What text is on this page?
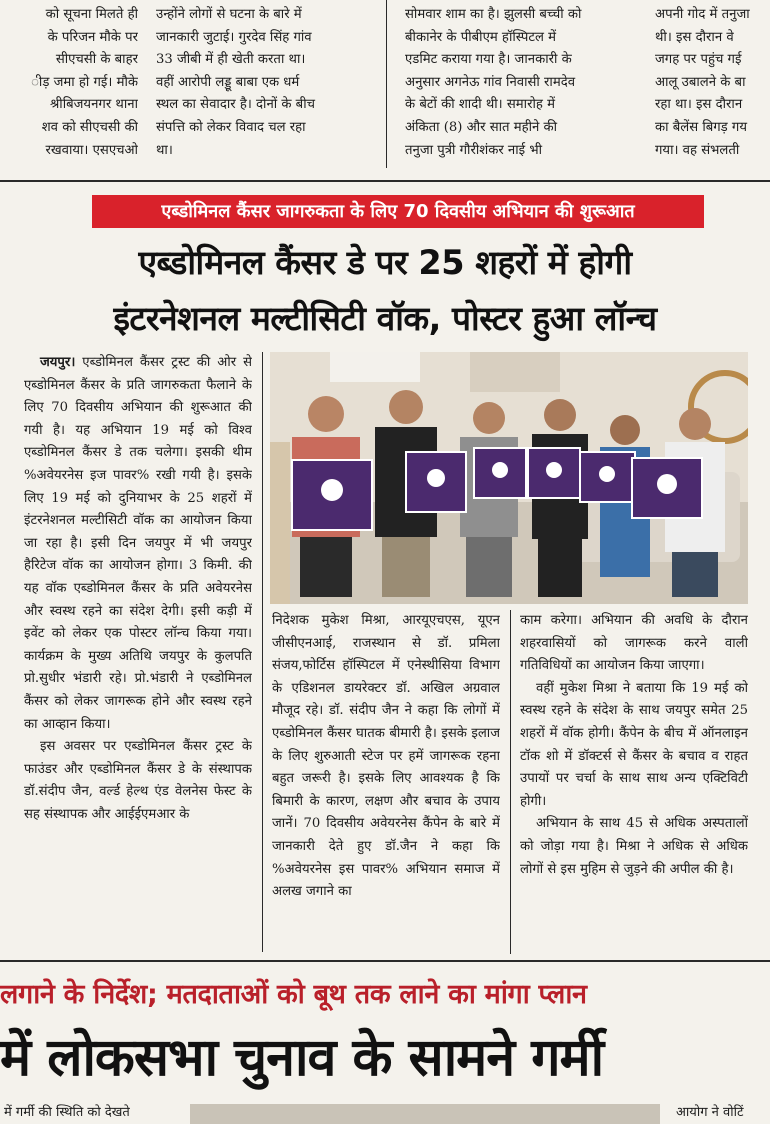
को सूचना मिलते ही

के परिजन मौके पर

सीएचसी के बाहर

ीड़ जमा हो गई। मौके

श्रीबिजयनगर थाना

शव को सीएचसी की

रखवाया। एसएचओ

उन्होंने लोगों से घटना के बारे में

जानकारी जुटाई। गुरदेव सिंह गांव

33 जीबी में ही खेती करता था।

वहीं आरोपी लड्डू बाबा एक धर्म

स्थल का सेवादार है। दोनों के बीच

संपत्ति को लेकर विवाद चल रहा

था।

सोमवार शाम का है। झुलसी बच्ची को

बीकानेर के पीबीएम हॉस्पिटल में

एडमिट कराया गया है। जानकारी के

अनुसार अगनेऊ गांव निवासी रामदेव

के बेटों की शादी थी। समारोह में

अंकिता (8) और सात महीने की

तनुजा पुत्री गौरीशंकर नाई भी

अपनी गोद में तनुजा

थी। इस दौरान वे

जगह पर पहुंच गई

आलू उबालने के बा

रहा था। इस दौरान

का बैलेंस बिगड़ गय

गया। वह संभलती

एब्डोमिनल कैंसर जागरुकता के लिए 70 दिवसीय अभियान की शुरूआत
एब्डोमिनल कैंसर डे पर 25 शहरों में होगी
इंटरनेशनल मल्टीसिटी वॉक, पोस्टर हुआ लॉन्च

जयपुर। एब्डोमिनल कैंसर ट्रस्ट की ओर से एब्डोमिनल कैंसर के प्रति जागरुकता फैलाने के लिए 70 दिवसीय अभियान की शुरूआत की गयी है। यह अभियान 19 मई को विश्व एब्डोमिनल कैंसर डे तक चलेगा। इसकी थीम %अवेयरनेस इज पावर% रखी गयी है। इसके लिए 19 मई को दुनियाभर के 25 शहरों में इंटरनेशनल मल्टीसिटी वॉक का आयोजन किया जा रहा है। इसी दिन जयपुर में भी जयपुर हैरिटेज वॉक का आयोजन होगा। 3 किमी. की यह वॉक एब्डोमिनल कैंसर के प्रति अवेयरनेस और स्वस्थ रहने का संदेश देगी। इसी कड़ी में इवेंट को लेकर एक पोस्टर लॉन्च किया गया। कार्यक्रम के मुख्य अतिथि जयपुर के कुलपति प्रो.सुधीर भंडारी रहे। प्रो.भंडारी ने एब्डोमिनल कैंसर को लेकर जागरूक होने और स्वस्थ रहने का आव्हान किया।

इस अवसर पर एब्डोमिनल कैंसर ट्रस्ट के फाउंडर और एब्डोमिनल कैंसर डे के संस्थापक डॉ.संदीप जैन, वर्ल्ड हेल्थ एंड वेलनेस फेस्ट के सह संस्थापक और आईईएमआर के

निदेशक मुकेश मिश्रा, आरयूएचएस, यूएन जीसीएनआई, राजस्थान से डॉ. प्रमिला संजय,फोर्टिस हॉस्पिटल में एनेस्थीसिया विभाग के एडिशनल डायरेक्टर डॉ. अखिल अग्रवाल मौजूद रहे। डॉ. संदीप जैन ने कहा कि लोगों में एब्डोमिनल कैंसर घातक बीमारी है। इसके इलाज के लिए शुरुआती स्टेज पर हमें जागरूक रहना बहुत जरूरी है। इसके लिए आवश्यक है कि बिमारी के कारण, लक्षण और बचाव के उपाय जानें। 70 दिवसीय अवेयरनेस कैंपेन के बारे में जानकारी देते हुए डॉ.जैन ने कहा कि %अवेयरनेस इस पावर% अभियान समाज में अलख जगाने का

काम करेगा। अभियान की अवधि के दौरान शहरवासियों को जागरूक करने वाली गतिविधियों का आयोजन किया जाएगा।

वहीं मुकेश मिश्रा ने बताया कि 19 मई को स्वस्थ रहने के संदेश के साथ जयपुर समेत 25 शहरों में वॉक होगी। कैंपेन के बीच में ऑनलाइन टॉक शो में डॉक्टर्स से कैंसर के बचाव व राहत उपायों पर चर्चा के साथ साथ अन्य एक्टिविटी होगी।

अभियान के साथ 45 से अधिक अस्पतालों को जोड़ा गया है। मिश्रा ने अधिक से अधिक लोगों से इस मुहिम से जुड़ने की अपील की है।

लगाने के निर्देश; मतदाताओं को बूथ तक लाने का मांगा प्लान
में लोकसभा चुनाव के सामने गर्मी
में गर्मी की स्थिति को देखते	आयोग ने वोटिं
